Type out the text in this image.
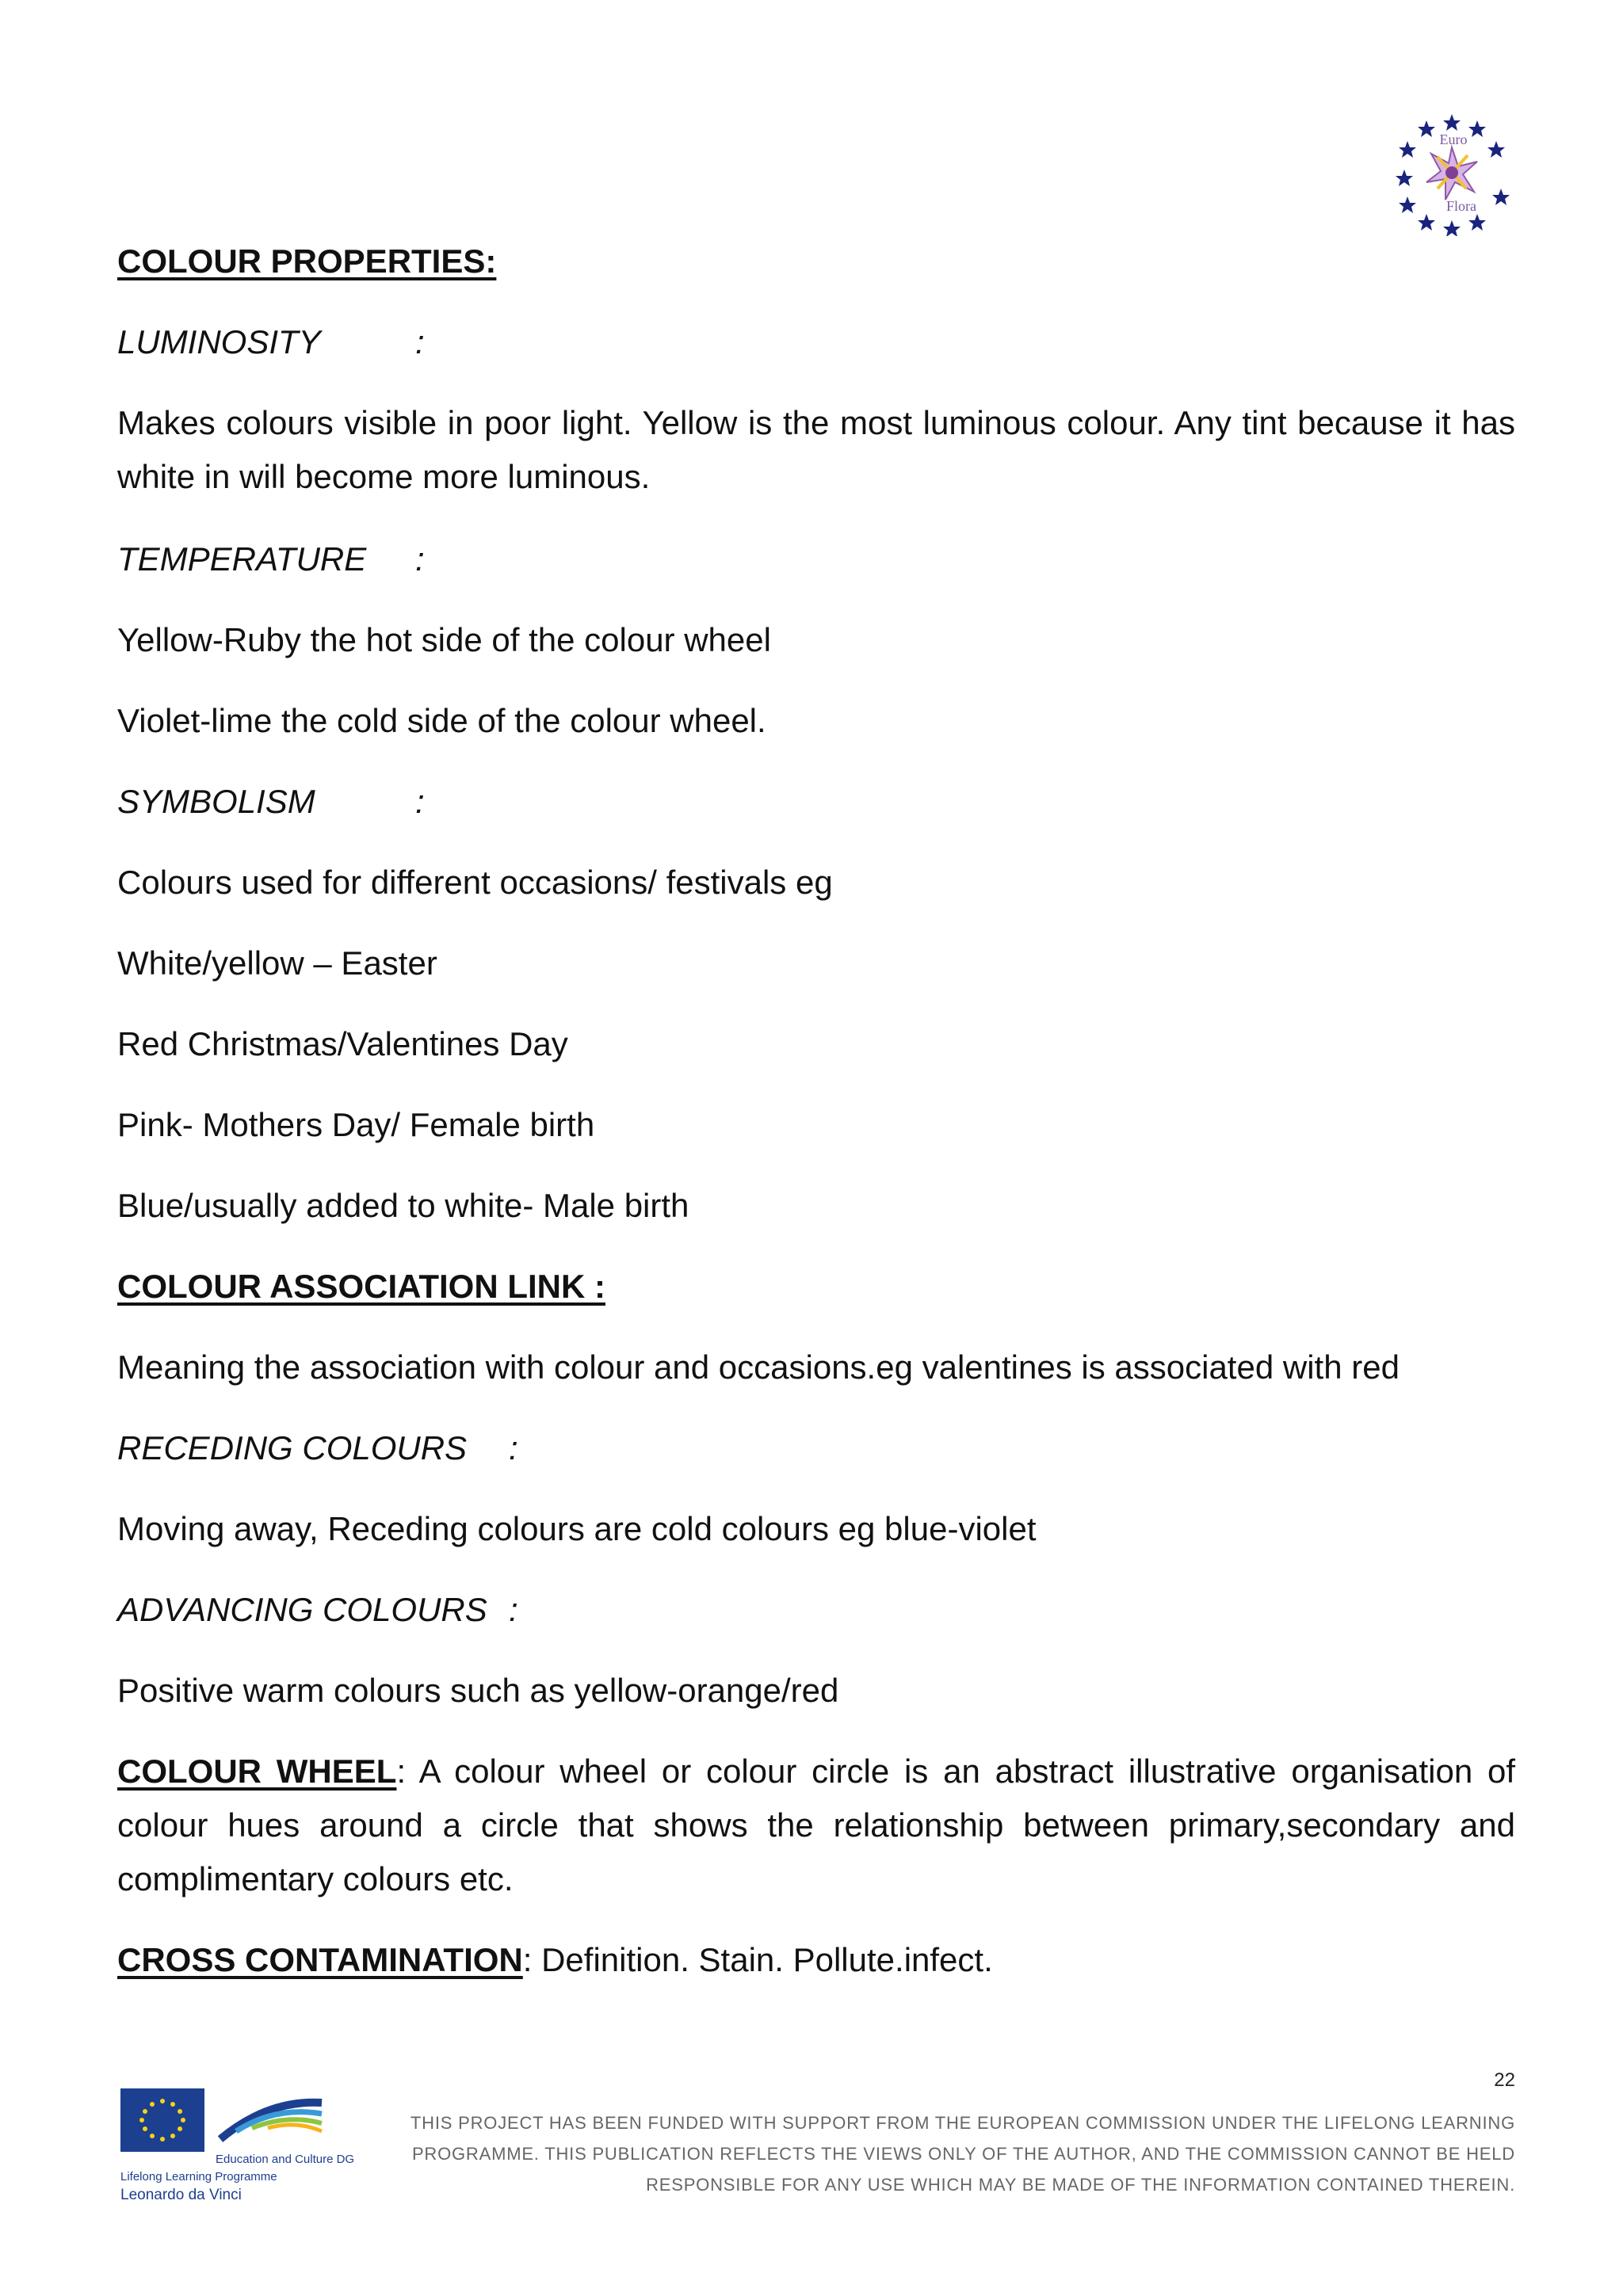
Euro
Flora
COLOUR PROPERTIES:
LUMINOSITY	:
Makes colours visible in poor light. Yellow is the most luminous colour. Any tint because it has white in will become more luminous.
TEMPERATURE :
Yellow-Ruby the hot side of the colour wheel
Violet-lime the cold side of the colour wheel.
SYMBOLISM	:
Colours used for different occasions/ festivals eg
White/yellow – Easter
Red Christmas/Valentines Day
Pink- Mothers Day/ Female birth
Blue/usually added to white- Male birth
COLOUR ASSOCIATION LINK :
Meaning the association with colour and occasions.eg valentines is associated with red
RECEDING COLOURS :
Moving away, Receding colours are cold colours eg blue-violet
ADVANCING COLOURS :
Positive warm colours such as yellow-orange/red
COLOUR WHEEL: A colour wheel or colour circle is an abstract illustrative organisation of colour hues around a circle that shows the relationship between primary,secondary and complimentary colours etc.
CROSS CONTAMINATION: Definition. Stain. Pollute.infect.
22
Education and Culture DG
Lifelong Learning Programme
Leonardo da Vinci
THIS PROJECT HAS BEEN FUNDED WITH SUPPORT FROM THE EUROPEAN COMMISSION UNDER THE LIFELONG LEARNING
PROGRAMME. THIS PUBLICATION REFLECTS THE VIEWS ONLY OF THE AUTHOR, AND THE COMMISSION CANNOT BE HELD
RESPONSIBLE FOR ANY USE WHICH MAY BE MADE OF THE INFORMATION CONTAINED THEREIN.
